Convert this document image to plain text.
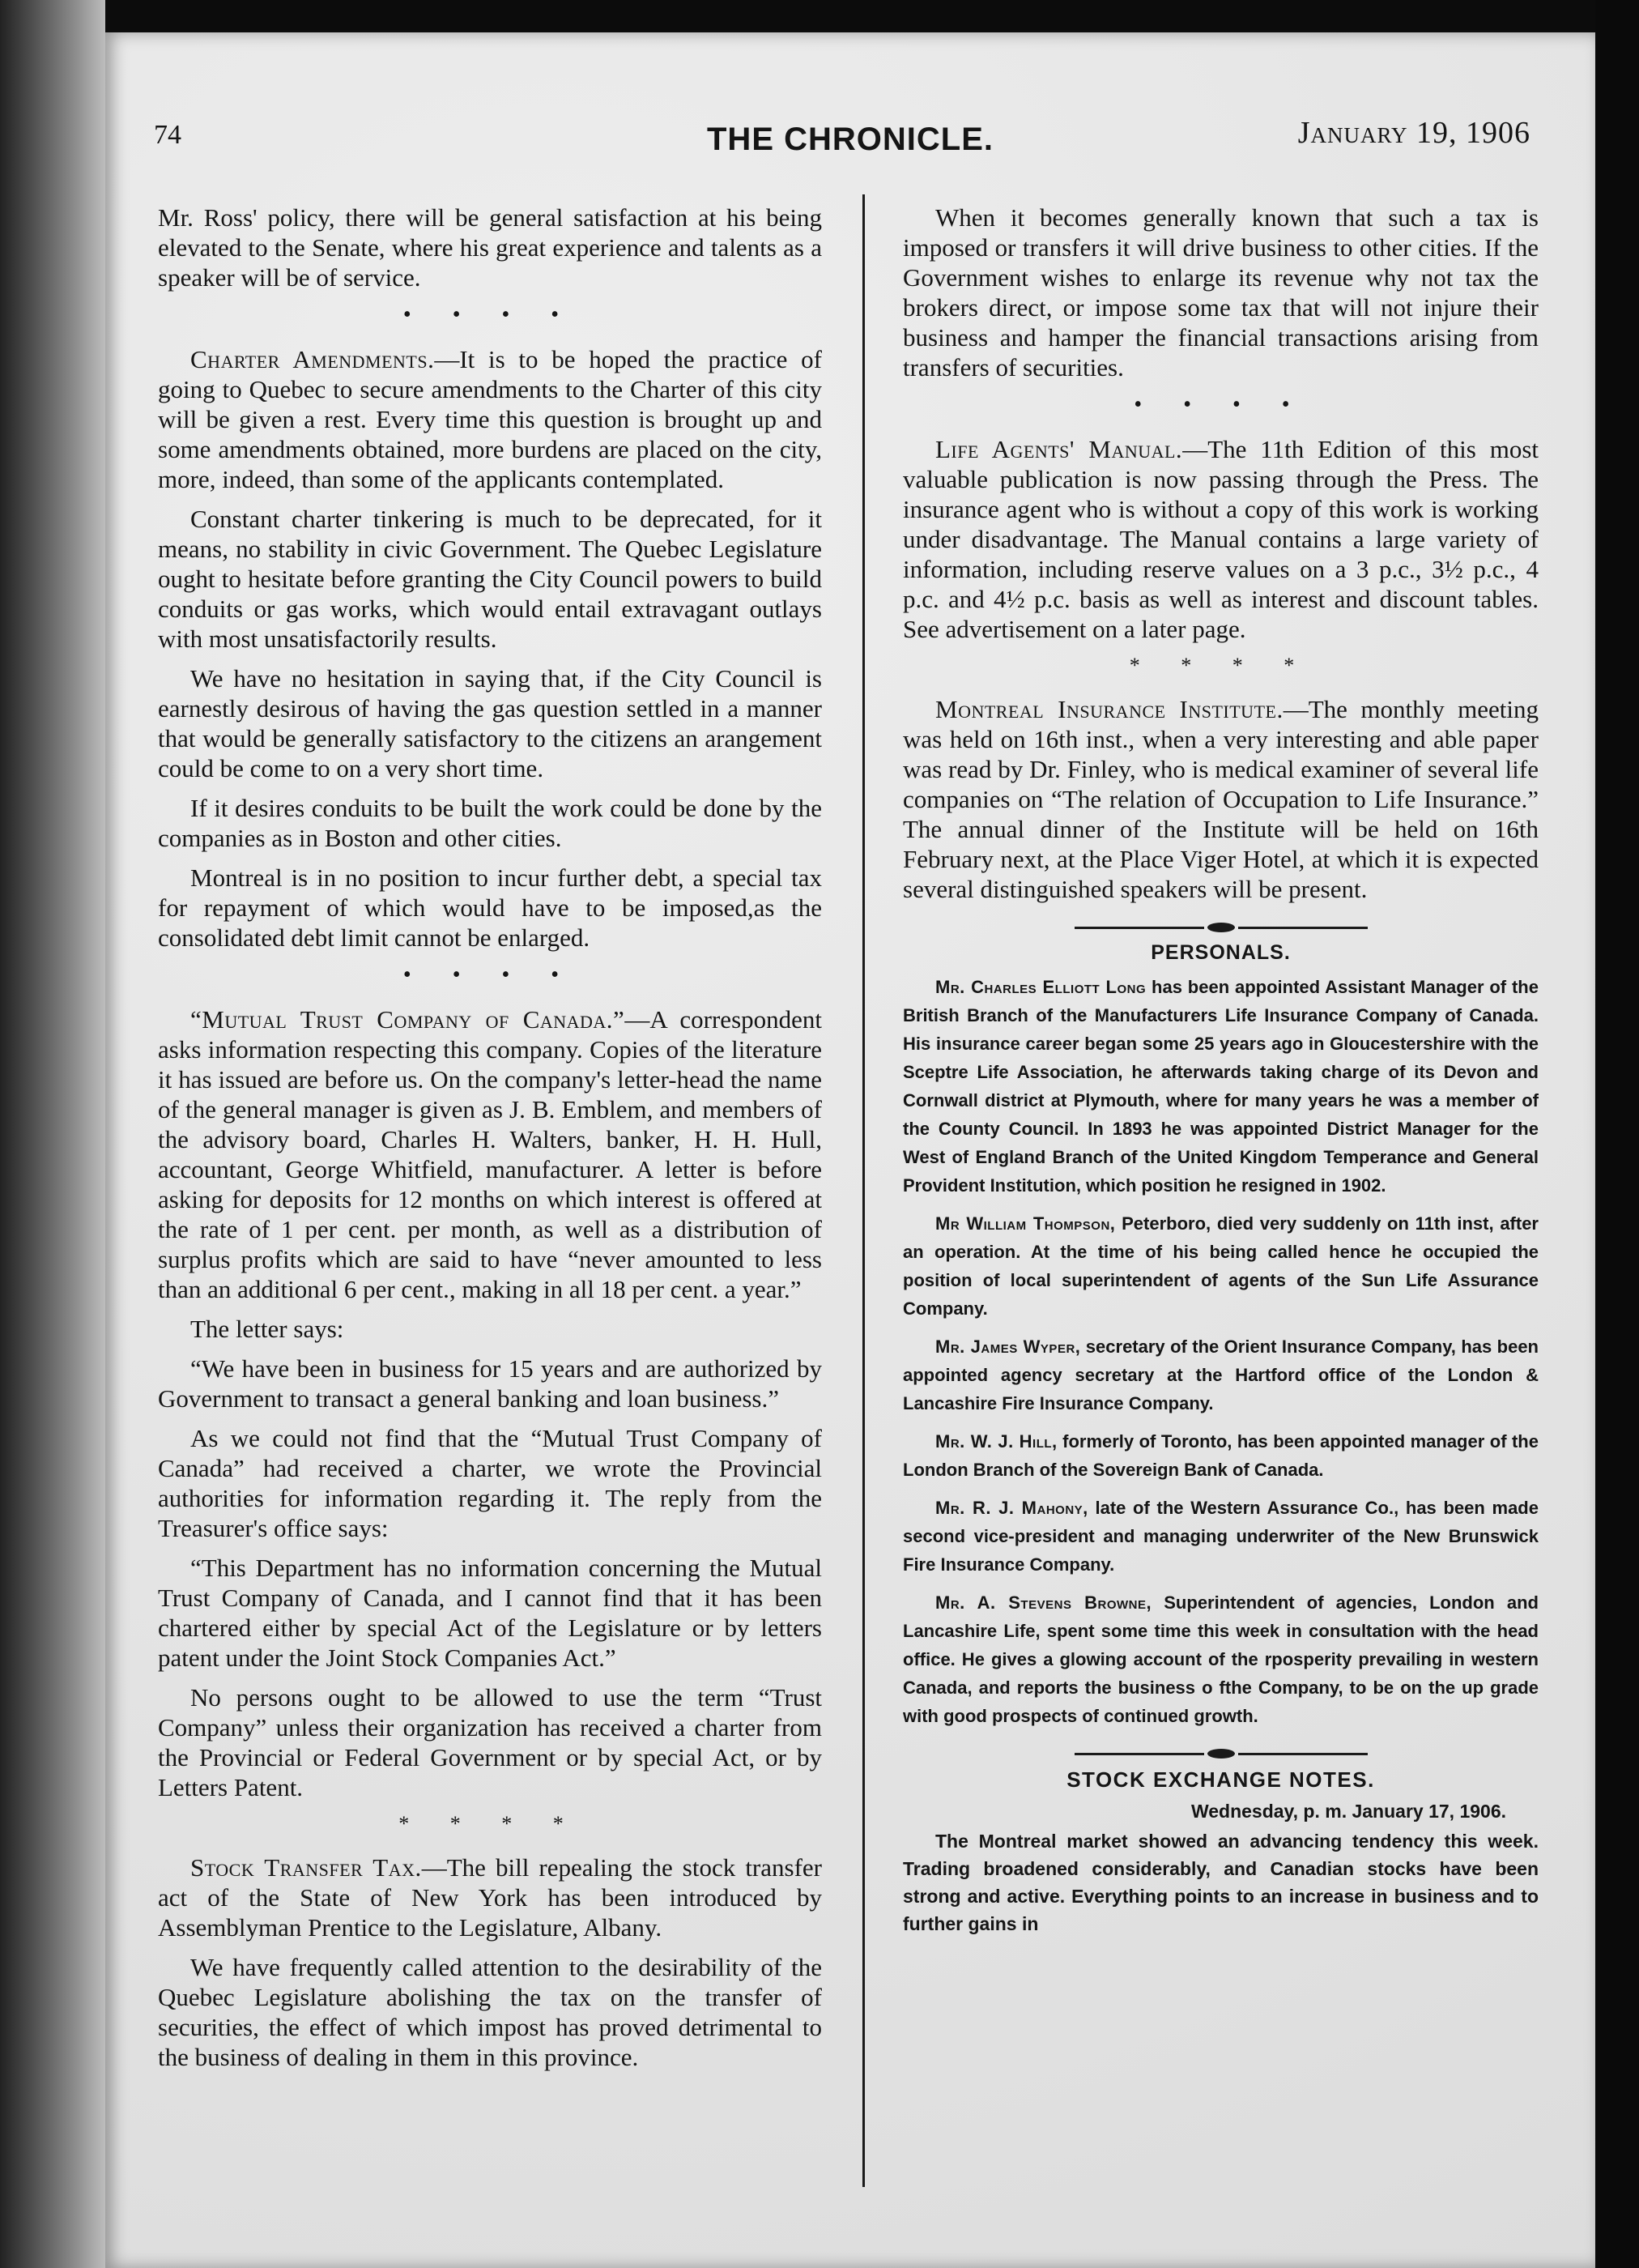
74	THE CHRONICLE.	January 19, 1906

Mr. Ross' policy, there will be general satisfaction at his being elevated to the Senate, where his great experience and talents as a speaker will be of service.

• • • •

Charter Amendments.—It is to be hoped the practice of going to Quebec to secure amendments to the Charter of this city will be given a rest. Every time this question is brought up and some amendments obtained, more burdens are placed on the city, more, indeed, than some of the applicants contemplated.

Constant charter tinkering is much to be deprecated, for it means, no stability in civic Government. The Quebec Legislature ought to hesitate before granting the City Council powers to build conduits or gas works, which would entail extravagant outlays with most unsatisfactorily results.

We have no hesitation in saying that, if the City Council is earnestly desirous of having the gas question settled in a manner that would be generally satisfactory to the citizens an arangement could be come to on a very short time.

If it desires conduits to be built the work could be done by the companies as in Boston and other cities.

Montreal is in no position to incur further debt, a special tax for repayment of which would have to be imposed,as the consolidated debt limit cannot be enlarged.

• • • •

“Mutual Trust Company of Canada.”—A correspondent asks information respecting this company. Copies of the literature it has issued are before us. On the company's letter-head the name of the general manager is given as J. B. Emblem, and members of the advisory board, Charles H. Walters, banker, H. H. Hull, accountant, George Whitfield, manufacturer. A letter is before asking for deposits for 12 months on which interest is offered at the rate of 1 per cent. per month, as well as a distribution of surplus profits which are said to have “never amounted to less than an additional 6 per cent., making in all 18 per cent. a year.”

The letter says:

“We have been in business for 15 years and are authorized by Government to transact a general banking and loan business.”

As we could not find that the “Mutual Trust Company of Canada” had received a charter, we wrote the Provincial authorities for information regarding it. The reply from the Treasurer's office says:

“This Department has no information concerning the Mutual Trust Company of Canada, and I cannot find that it has been chartered either by special Act of the Legislature or by letters patent under the Joint Stock Companies Act.”

No persons ought to be allowed to use the term “Trust Company” unless their organization has received a charter from the Provincial or Federal Government or by special Act, or by Letters Patent.

* * * *

Stock Transfer Tax.—The bill repealing the stock transfer act of the State of New York has been introduced by Assemblyman Prentice to the Legislature, Albany.

We have frequently called attention to the desirability of the Quebec Legislature abolishing the tax on the transfer of securities, the effect of which impost has proved detrimental to the business of dealing in them in this province.

When it becomes generally known that such a tax is imposed or transfers it will drive business to other cities. If the Government wishes to enlarge its revenue why not tax the brokers direct, or impose some tax that will not injure their business and hamper the financial transactions arising from transfers of securities.

• • • •

Life Agents' Manual.—The 11th Edition of this most valuable publication is now passing through the Press. The insurance agent who is without a copy of this work is working under disadvantage. The Manual contains a large variety of information, including reserve values on a 3 p.c., 3½ p.c., 4 p.c. and 4½ p.c. basis as well as interest and discount tables. See advertisement on a later page.

* * * *

Montreal Insurance Institute.—The monthly meeting was held on 16th inst., when a very interesting and able paper was read by Dr. Finley, who is medical examiner of several life companies on “The relation of Occupation to Life Insurance.” The annual dinner of the Institute will be held on 16th February next, at the Place Viger Hotel, at which it is expected several distinguished speakers will be present.

PERSONALS.

Mr. Charles Elliott Long has been appointed Assistant Manager of the British Branch of the Manufacturers Life Insurance Company of Canada. His insurance career began some 25 years ago in Gloucestershire with the Sceptre Life Association, he afterwards taking charge of its Devon and Cornwall district at Plymouth, where for many years he was a member of the County Council. In 1893 he was appointed District Manager for the West of England Branch of the United Kingdom Temperance and General Provident Institution, which position he resigned in 1902.

Mr William Thompson, Peterboro, died very suddenly on 11th inst, after an operation. At the time of his being called hence he occupied the position of local superintendent of agents of the Sun Life Assurance Company.

Mr. James Wyper, secretary of the Orient Insurance Company, has been appointed agency secretary at the Hartford office of the London & Lancashire Fire Insurance Company.

Mr. W. J. Hill, formerly of Toronto, has been appointed manager of the London Branch of the Sovereign Bank of Canada.

Mr. R. J. Mahony, late of the Western Assurance Co., has been made second vice-president and managing underwriter of the New Brunswick Fire Insurance Company.

Mr. A. Stevens Browne, Superintendent of agencies, London and Lancashire Life, spent some time this week in consultation with the head office. He gives a glowing account of the rposperity prevailing in western Canada, and reports the business o fthe Company, to be on the up grade with good prospects of continued growth.

STOCK EXCHANGE NOTES.
Wednesday, p. m. January 17, 1906.

The Montreal market showed an advancing tendency this week. Trading broadened considerably, and Canadian stocks have been strong and active. Everything points to an increase in business and to further gains in
